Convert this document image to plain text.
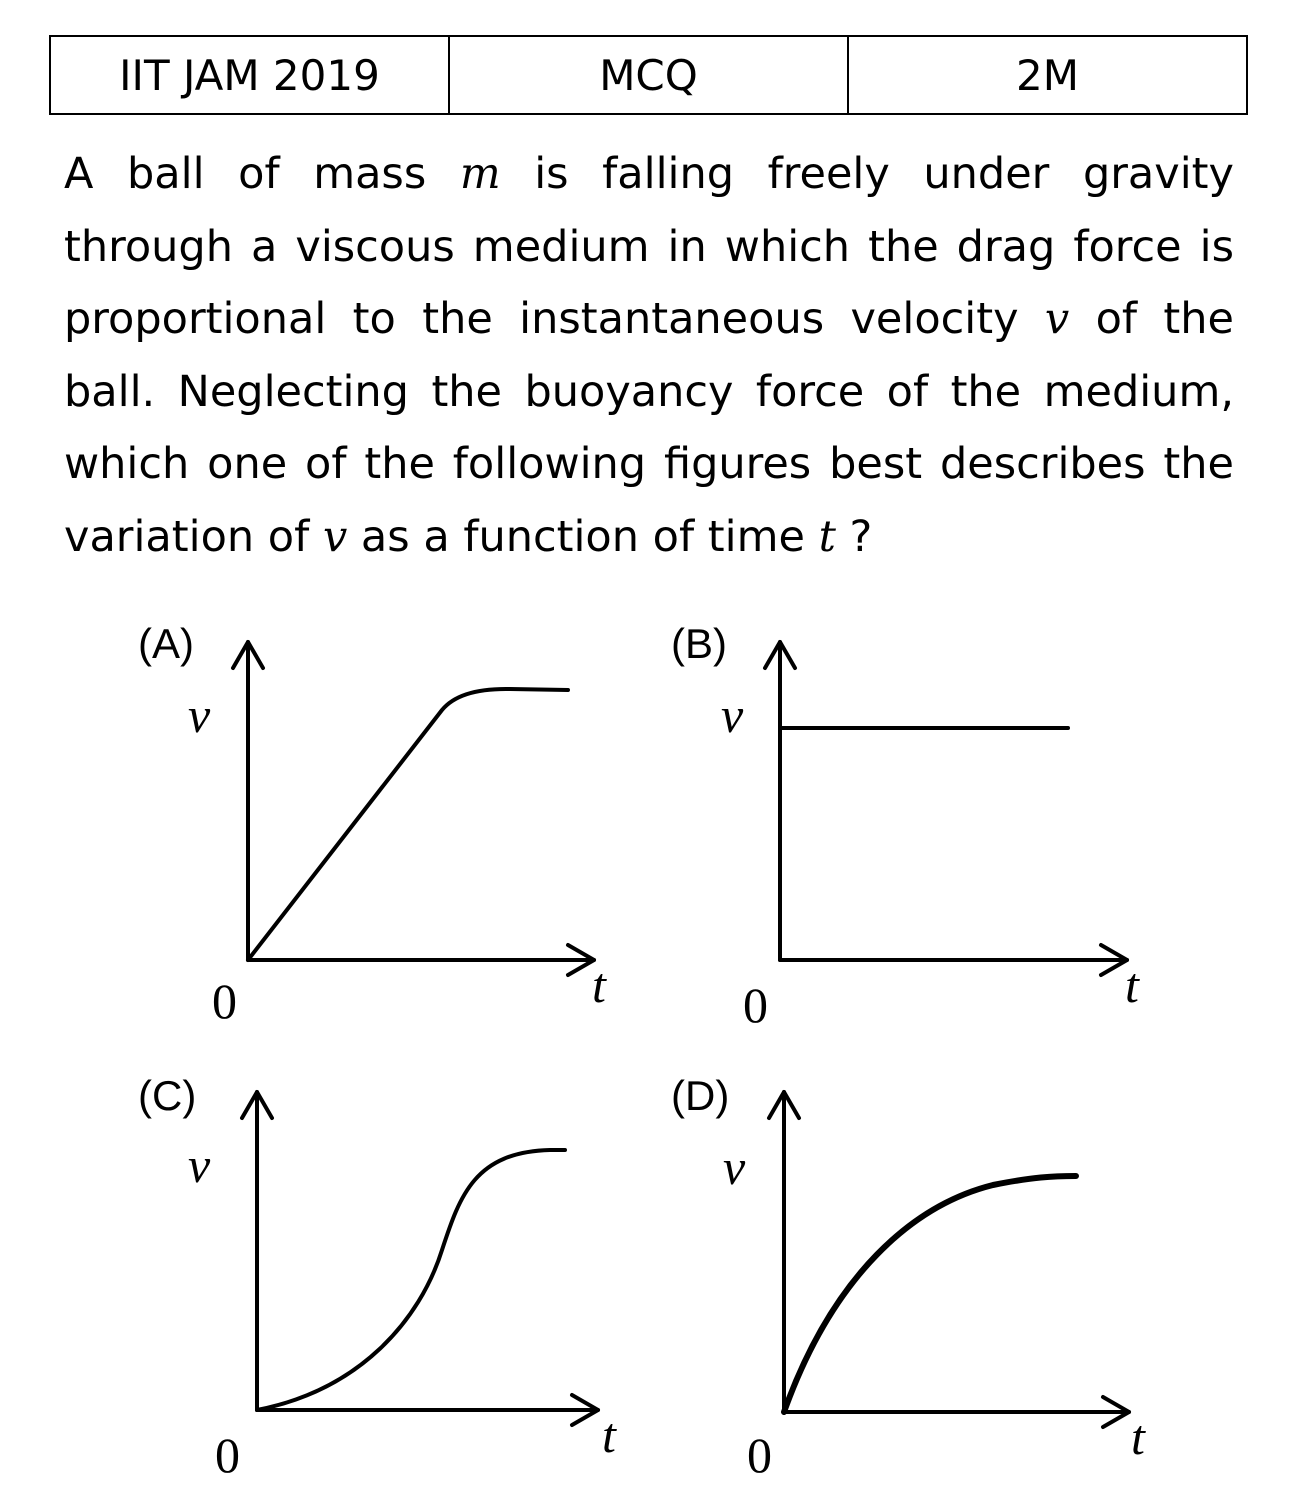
IIT JAM 2019	MCQ	2M

A ball of mass m is falling freely under gravity through a viscous medium in which the drag force is proportional to the instantaneous velocity v of the ball. Neglecting the buoyancy force of the medium, which one of the following figures best describes the variation of v as a function of time t ?

(A)
v
0	t
(B)
v
0	t
(C)
v
0	t
(D)
v
0	t
